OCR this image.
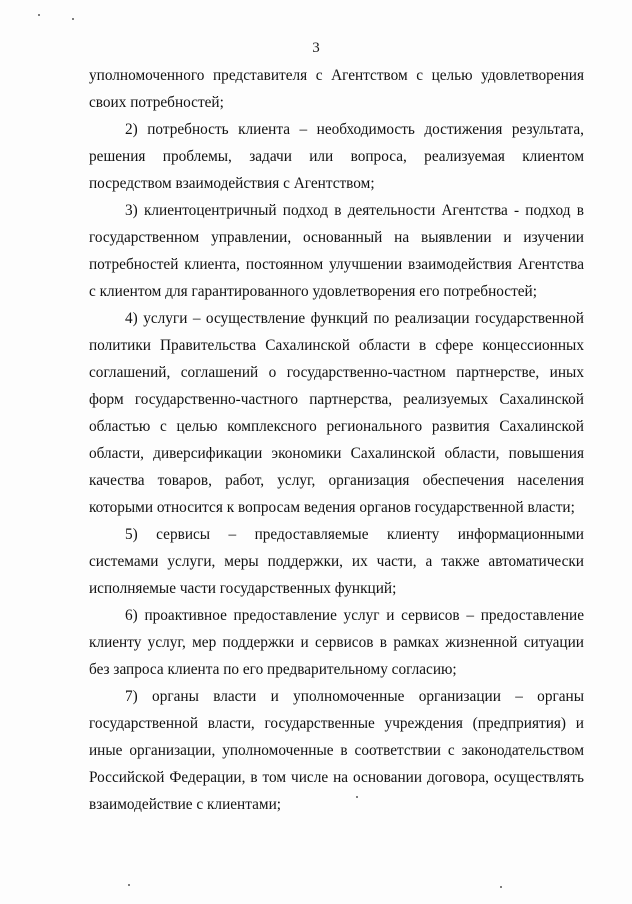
3

уполномоченного представителя с Агентством с целью удовлетворения своих потребностей;

2) потребность клиента – необходимость достижения результата, решения проблемы, задачи или вопроса, реализуемая клиентом посредством взаимодействия с Агентством;

3) клиентоцентричный подход в деятельности Агентства - подход в государственном управлении, основанный на выявлении и изучении потребностей клиента, постоянном улучшении взаимодействия Агентства с клиентом для гарантированного удовлетворения его потребностей;

4) услуги – осуществление функций по реализации государственной политики Правительства Сахалинской области в сфере концессионных соглашений, соглашений о государственно-частном партнерстве, иных форм государственно-частного партнерства, реализуемых Сахалинской областью с целью комплексного регионального развития Сахалинской области, диверсификации экономики Сахалинской области, повышения качества товаров, работ, услуг, организация обеспечения населения которыми относится к вопросам ведения органов государственной власти;

5) сервисы – предоставляемые клиенту информационными системами услуги, меры поддержки, их части, а также автоматически исполняемые части государственных функций;

6) проактивное предоставление услуг и сервисов – предоставление клиенту услуг, мер поддержки и сервисов в рамках жизненной ситуации без запроса клиента по его предварительному согласию;

7) органы власти и уполномоченные организации – органы государственной власти, государственные учреждения (предприятия) и иные организации, уполномоченные в соответствии с законодательством Российской Федерации, в том числе на основании договора, осуществлять взаимодействие с клиентами;
